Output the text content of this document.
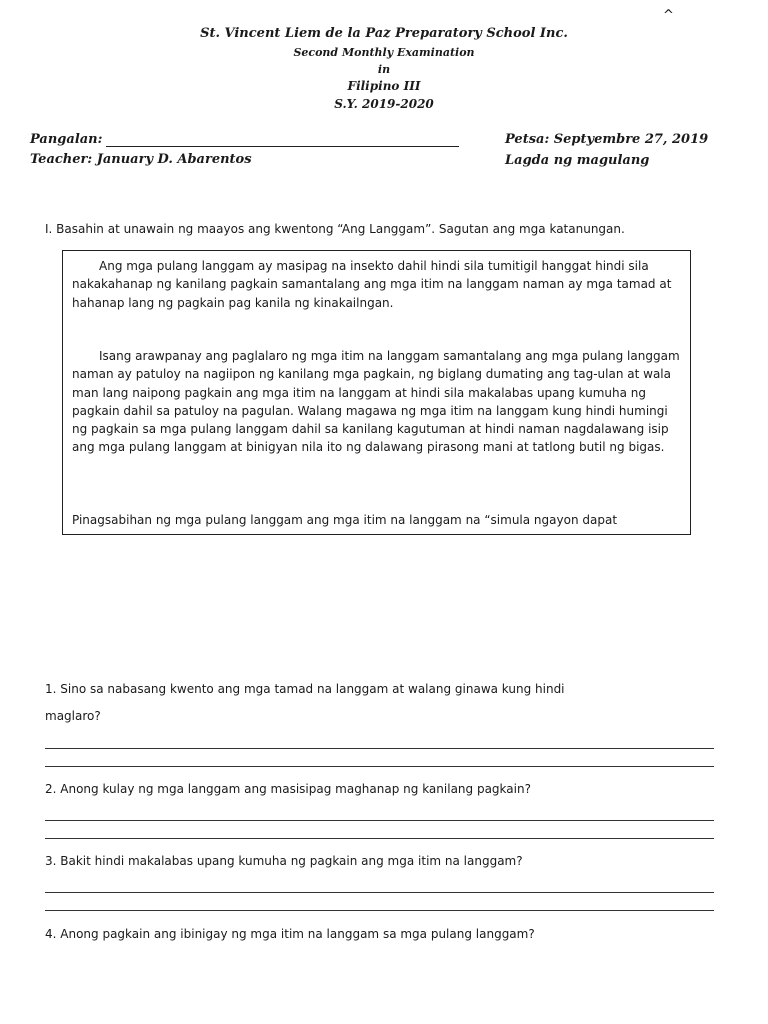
^
St. Vincent Liem de la Paz Preparatory School Inc.
Second Monthly Examination
in
Filipino III
S.Y. 2019-2020
Pangalan:	Petsa: Septyembre 27, 2019
Teacher: January D. Abarentos	Lagda ng magulang
I. Basahin at unawain ng maayos ang kwentong “Ang Langgam”. Sagutan ang mga katanungan.

Ang mga pulang langgam ay masipag na insekto dahil hindi sila tumitigil hanggat hindi sila nakakahanap ng kanilang pagkain samantalang ang mga itim na langgam naman ay mga tamad at hahanap lang ng pagkain pag kanila ng kinakailngan.

Isang arawpanay ang paglalaro ng mga itim na langgam samantalang ang mga pulang langgam naman ay patuloy na nagiipon ng kanilang mga pagkain, ng biglang dumating ang tag-ulan at wala man lang naipong pagkain ang mga itim na langgam at hindi sila makalabas upang kumuha ng pagkain dahil sa patuloy na pagulan. Walang magawa ng mga itim na langgam kung hindi humingi ng pagkain sa mga pulang langgam dahil sa kanilang kagutuman at hindi naman nagdalawang isip ang mga pulang langgam at binigyan nila ito ng dalawang pirasong mani at tatlong butil ng bigas.

Pinagsabihan ng mga pulang langgam ang mga itim na langgam na “simula ngayon dapat

1. Sino sa nabasang kwento ang mga tamad na langgam at walang ginawa kung hindi
maglaro?
2. Anong kulay ng mga langgam ang masisipag maghanap ng kanilang pagkain?
3. Bakit hindi makalabas upang kumuha ng pagkain ang mga itim na langgam?
4. Anong pagkain ang ibinigay ng mga itim na langgam sa mga pulang langgam?
